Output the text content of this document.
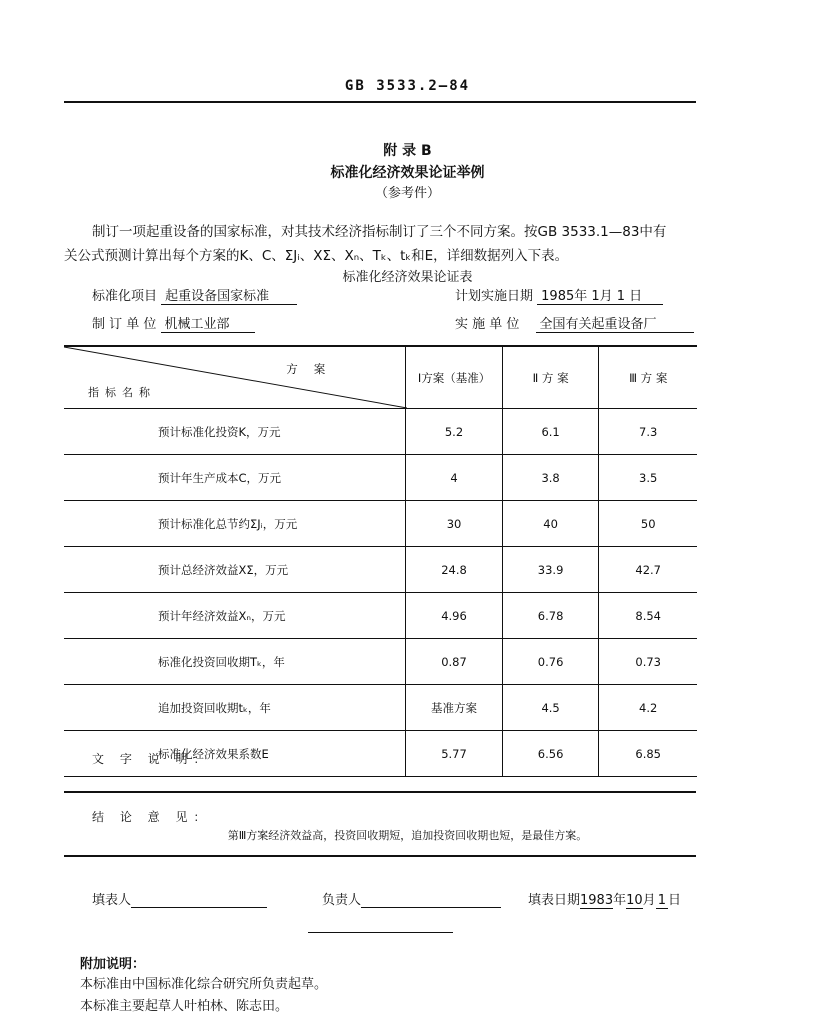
GB 3533.2—84
附 录 B
标准化经济效果论证举例
（参考件）
制订一项起重设备的国家标准，对其技术经济指标制订了三个不同方案。按GB 3533.1—83中有
关公式预测计算出每个方案的K、C、ΣJᵢ、XΣ、Xₙ、Tₖ、tₖ和E，详细数据列入下表。
标准化经济效果论证表
标准化项目 起重设备国家标准	计划实施日期 1985年 1月 1 日
制 订 单 位 机械工业部	实 施 单 位 全国有关起重设备厂
方案
指标名称	Ⅰ方案（基准）	Ⅱ 方 案	Ⅲ 方 案
预计标准化投资K，万元	5.2	6.1	7.3
预计年生产成本C，万元	4	3.8	3.5
预计标准化总节约ΣJᵢ，万元	30	40	50
预计总经济效益XΣ，万元	24.8	33.9	42.7
预计年经济效益Xₙ，万元	4.96	6.78	8.54
标准化投资回收期Tₖ，年	0.87	0.76	0.73
追加投资回收期tₖ，年	基准方案	4.5	4.2
标准化经济效果系数E	5.77	6.56	6.85
文 字 说 明：
结 论 意 见：
第Ⅲ方案经济效益高，投资回收期短，追加投资回收期也短，是最佳方案。
填表人	负责人	填表日期1983年10月 1 日
附加说明：
本标准由中国标准化综合研究所负责起草。
本标准主要起草人叶柏林、陈志田。
